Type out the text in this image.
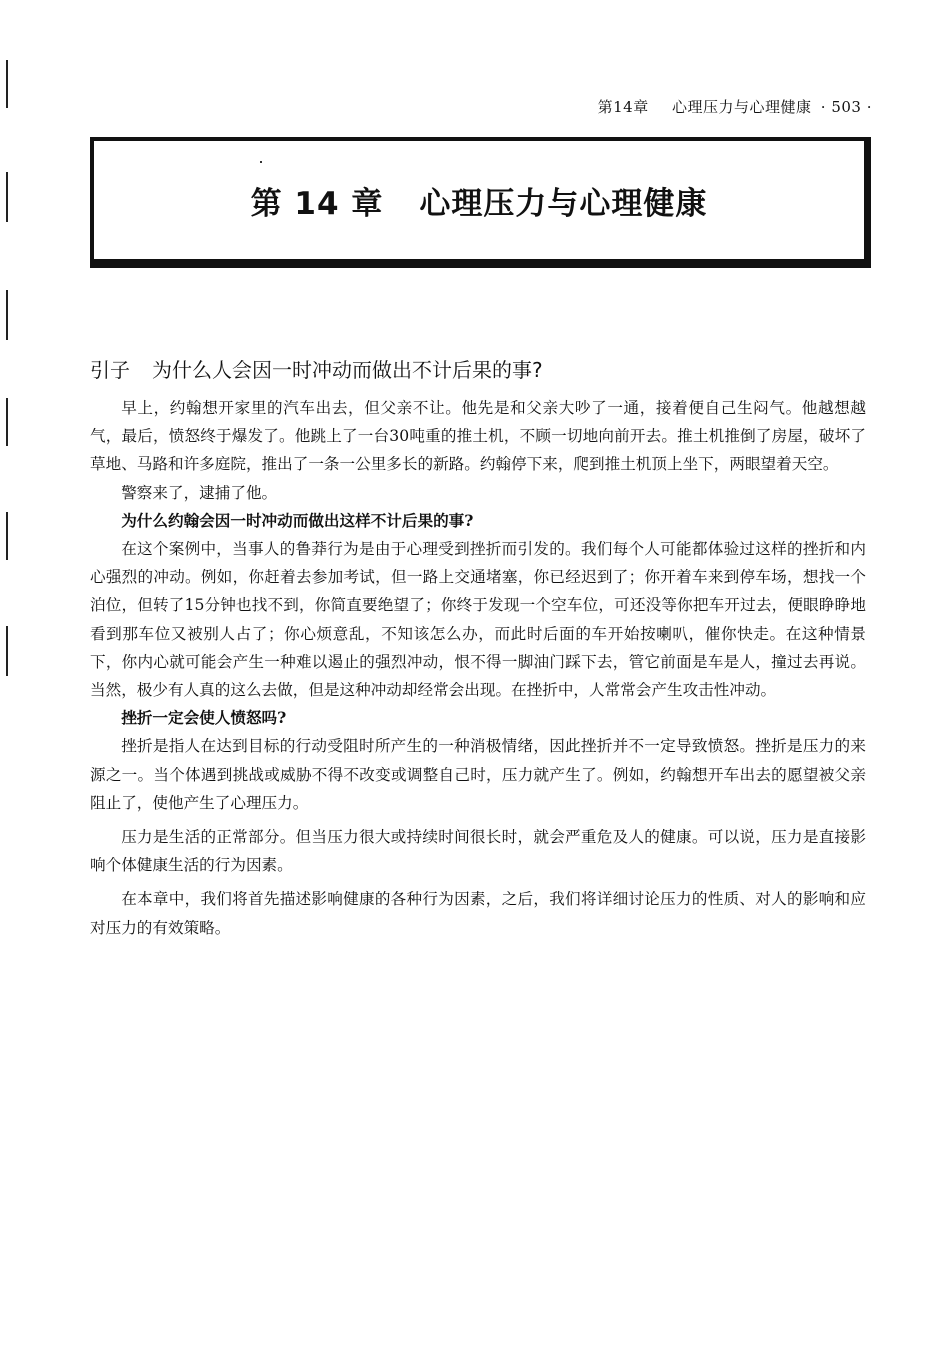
第14章 心理压力与心理健康 · 503 ·
第 14 章 心理压力与心理健康
引子 为什么人会因一时冲动而做出不计后果的事?

早上，约翰想开家里的汽车出去，但父亲不让。他先是和父亲大吵了一通，接着便自己生闷气。他越想越气，最后，愤怒终于爆发了。他跳上了一台30吨重的推土机，不顾一切地向前开去。推土机推倒了房屋，破坏了草地、马路和许多庭院，推出了一条一公里多长的新路。约翰停下来，爬到推土机顶上坐下，两眼望着天空。

警察来了，逮捕了他。

为什么约翰会因一时冲动而做出这样不计后果的事?

在这个案例中，当事人的鲁莽行为是由于心理受到挫折而引发的。我们每个人可能都体验过这样的挫折和内心强烈的冲动。例如，你赶着去参加考试，但一路上交通堵塞，你已经迟到了；你开着车来到停车场，想找一个泊位，但转了15分钟也找不到，你简直要绝望了；你终于发现一个空车位，可还没等你把车开过去，便眼睁睁地看到那车位又被别人占了；你心烦意乱，不知该怎么办，而此时后面的车开始按喇叭，催你快走。在这种情景下，你内心就可能会产生一种难以遏止的强烈冲动，恨不得一脚油门踩下去，管它前面是车是人，撞过去再说。当然，极少有人真的这么去做，但是这种冲动却经常会出现。在挫折中，人常常会产生攻击性冲动。

挫折一定会使人愤怒吗?

挫折是指人在达到目标的行动受阻时所产生的一种消极情绪，因此挫折并不一定导致愤怒。挫折是压力的来源之一。当个体遇到挑战或威胁不得不改变或调整自己时，压力就产生了。例如，约翰想开车出去的愿望被父亲阻止了，使他产生了心理压力。

压力是生活的正常部分。但当压力很大或持续时间很长时，就会严重危及人的健康。可以说，压力是直接影响个体健康生活的行为因素。

在本章中，我们将首先描述影响健康的各种行为因素，之后，我们将详细讨论压力的性质、对人的影响和应对压力的有效策略。
